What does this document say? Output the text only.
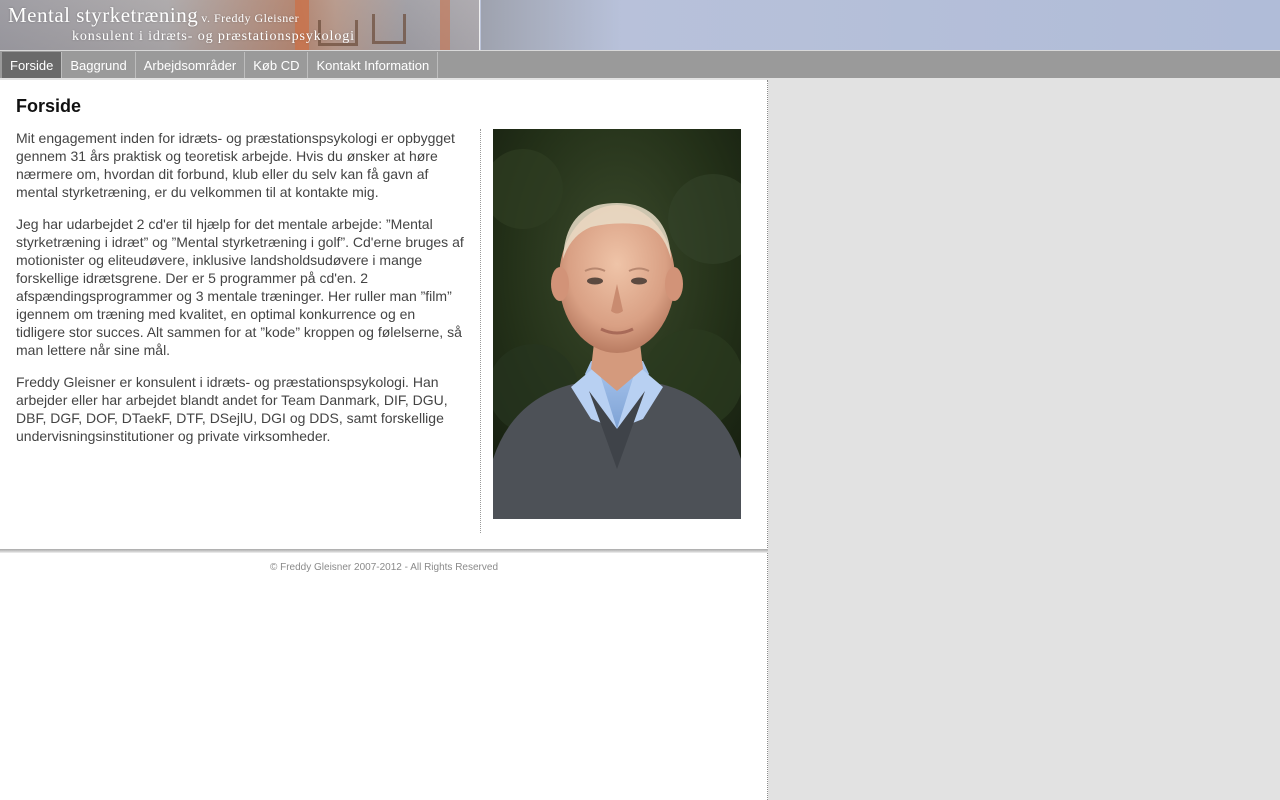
Mental styrketræning v. Freddy Gleisner
konsulent i idræts- og præstationspsykologi
Forside	Baggrund	Arbejdsområder	Køb CD	Kontakt Information
Forside

Mit engagement inden for idræts- og præstationspsykologi er opbygget gennem 31 års praktisk og teoretisk arbejde. Hvis du ønsker at høre nærmere om, hvordan dit forbund, klub eller du selv kan få gavn af mental styrketræning, er du velkommen til at kontakte mig.

Jeg har udarbejdet 2 cd'er til hjælp for det mentale arbejde: ”Mental styrketræning i idræt” og ”Mental styrketræning i golf”. Cd'erne bruges af motionister og eliteudøvere, inklusive landsholdsudøvere i mange forskellige idrætsgrene. Der er 5 programmer på cd'en. 2 afspændingsprogrammer og 3 mentale træninger. Her ruller man ”film” igennem om træning med kvalitet, en optimal konkurrence og en tidligere stor succes. Alt sammen for at ”kode” kroppen og følelserne, så man lettere når sine mål.

Freddy Gleisner er konsulent i idræts- og præstationspsykologi. Han arbejder eller har arbejdet blandt andet for Team Danmark, DIF, DGU, DBF, DGF, DOF, DTaekF, DTF, DSejlU, DGI og DDS, samt forskellige undervisningsinstitutioner og private virksomheder.

© Freddy Gleisner 2007-2012 - All Rights Reserved
